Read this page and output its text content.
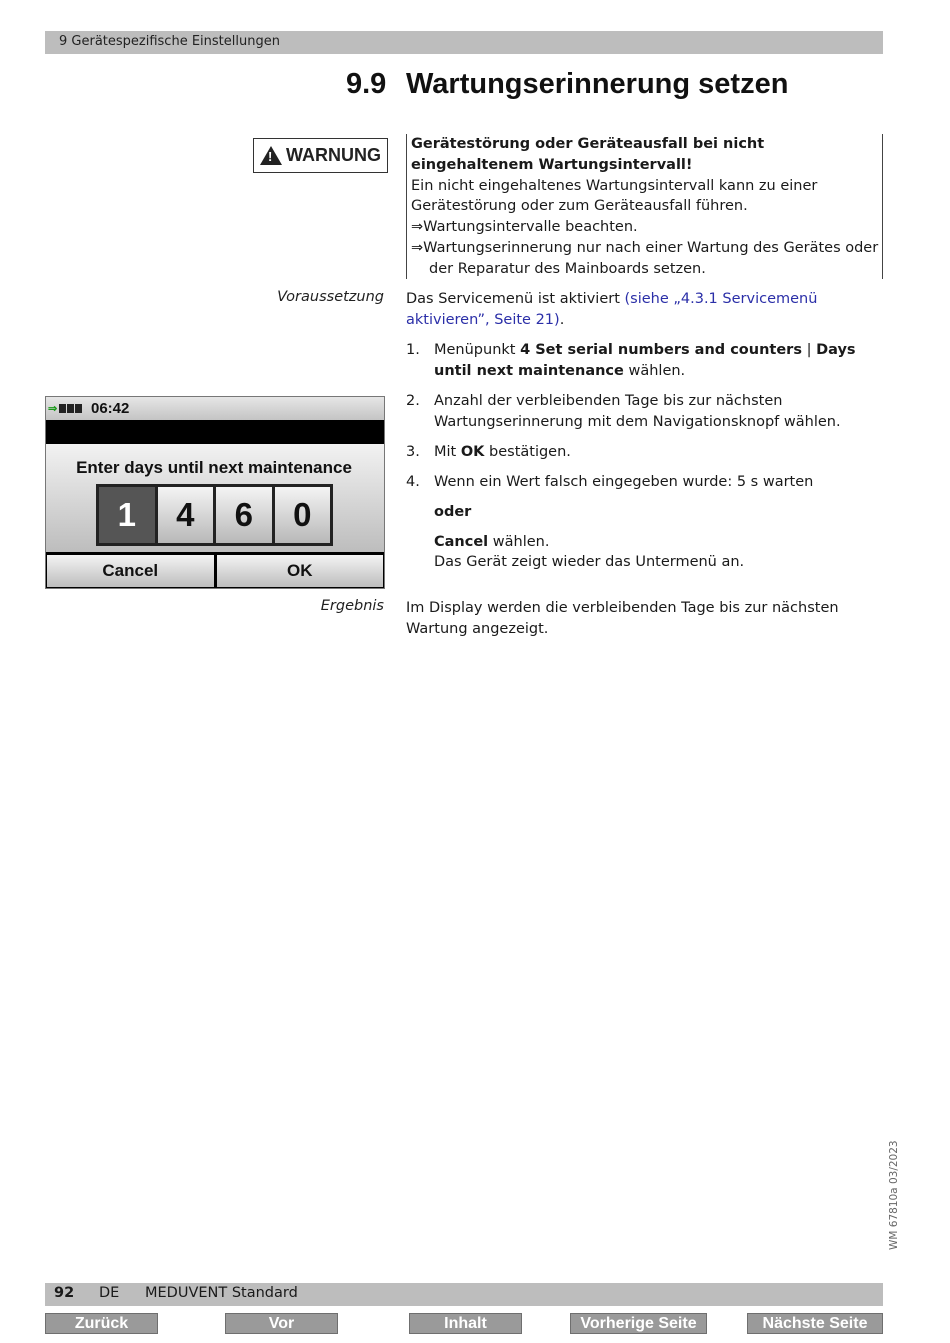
9 Gerätespezifische Einstellungen
9.9 Wartungserinnerung setzen
!
WARNUNG
Gerätestörung oder Geräteausfall bei nicht eingehaltenem Wartungsintervall!
Ein nicht eingehaltenes Wartungsintervall kann zu einer Gerätestörung oder zum Geräteausfall führen.
⇒Wartungsintervalle beachten.
⇒Wartungserinnerung nur nach einer Wartung des Gerätes oder der Reparatur des Mainboards setzen.
Voraussetzung Das Servicemenü ist aktiviert (siehe „4.3.1 Servicemenü aktivieren”, Seite 21).
1. Menüpunkt 4 Set serial numbers and counters | Days until next maintenance wählen.
2. Anzahl der verbleibenden Tage bis zur nächsten Wartungserinnerung mit dem Navigationsknopf wählen.
3. Mit OK bestätigen.
4. Wenn ein Wert falsch eingegeben wurde: 5 s warten
oder
Cancel wählen.
Das Gerät zeigt wieder das Untermenü an.
⇒ 06:42
Enter days until next maintenance
1	4	6	0
Cancel	OK
Ergebnis Im Display werden die verbleibenden Tage bis zur nächsten Wartung angezeigt.
WM 67810a 03/2023
92 DE MEDUVENT Standard
Zurück	Vor	Inhalt	Vorherige Seite	Nächste Seite
